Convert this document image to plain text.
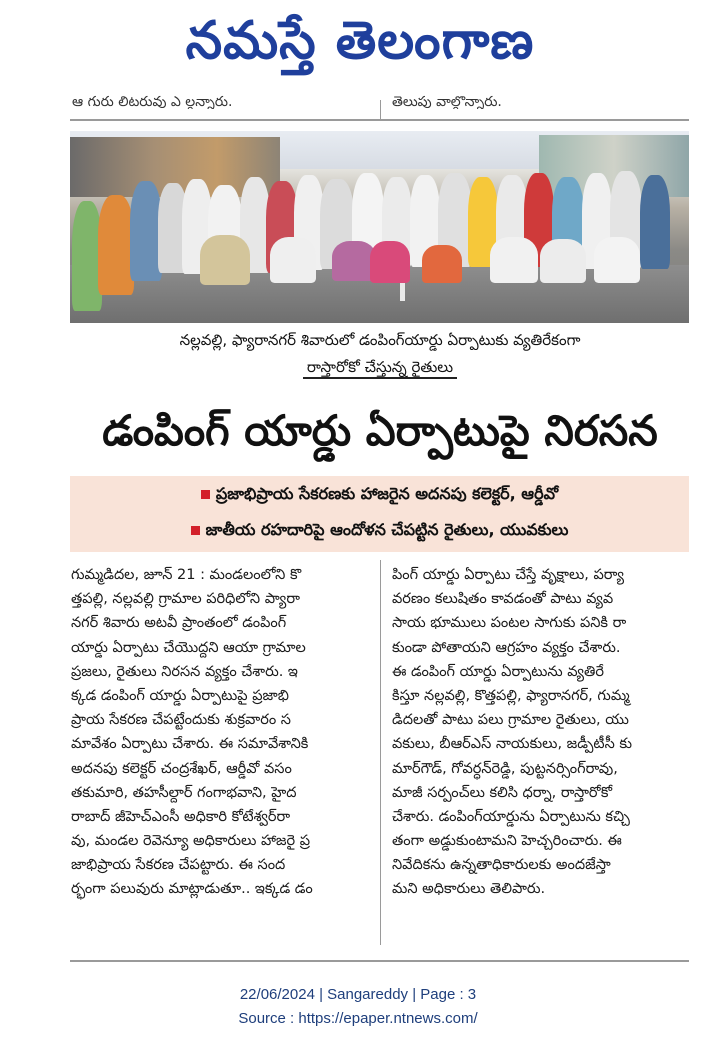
నమస్తే తెలంగాణ
ఆ గురు లిటరువు ఎ ల్గన్నారు.	తెలుపు వాల్గొన్నారు.
నల్లవల్లి, ఫ్యారానగర్ శివారులో డంపింగ్‌యార్డు ఏర్పాటుకు వ్యతిరేకంగా
రాస్తారోకో చేస్తున్న రైతులు
డంపింగ్ యార్డు ఏర్పాటుపై నిరసన
ప్రజాభిప్రాయ సేకరణకు హాజరైన అదనపు కలెక్టర్, ఆర్డీవో
జాతీయ రహదారిపై ఆందోళన చేపట్టిన రైతులు, యువకులు
గుమ్మడిదల, జూన్ 21 : మండలంలోని కొ
త్తపల్లి, నల్లవల్లి గ్రామాల పరిధిలోని ప్యారా
నగర్ శివారు అటవీ ప్రాంతంలో డంపింగ్
యార్డు ఏర్పాటు చేయొద్దని ఆయా గ్రామాల
ప్రజలు, రైతులు నిరసన వ్యక్తం చేశారు. ఇ
క్కడ డంపింగ్ యార్డు ఏర్పాటుపై ప్రజాభి
ప్రాయ సేకరణ చేపట్టేందుకు శుక్రవారం స
మావేశం ఏర్పాటు చేశారు. ఈ సమావేశానికి
అదనపు కలెక్టర్ చంద్రశేఖర్, ఆర్డీవో వసం
తకుమారి, తహసీల్దార్ గంగాభవాని, హైద
రాబాద్ జీహెచ్ఎంసీ అధికారి కోటేశ్వర్‌రా
వు, మండల రెవెన్యూ అధికారులు హాజరై ప్ర
జాభిప్రాయ సేకరణ చేపట్టారు. ఈ సంద
ర్భంగా పలువురు మాట్లాడుతూ.. ఇక్కడ డం
పింగ్ యార్డు ఏర్పాటు చేస్తే వృక్షాలు, పర్యా
వరణం కలుషితం కావడంతో పాటు వ్యవ
సాయ భూములు పంటల సాగుకు పనికి రా
కుండా పోతాయని ఆగ్రహం వ్యక్తం చేశారు.
ఈ డంపింగ్ యార్డు ఏర్పాటును వ్యతిరే
కిస్తూ నల్లవల్లి, కొత్తపల్లి, ఫ్యారానగర్, గుమ్మ
డిదలతో పాటు పలు గ్రామాల రైతులు, యు
వకులు, బీఆర్ఎస్ నాయకులు, జడ్పీటీసీ కు
మార్‌గౌడ్, గోవర్ధన్‌రెడ్డి, పుట్టనర్సింగ్‌రావు,
మాజీ సర్పంచ్‌లు కలిసి ధర్నా, రాస్తారోకో
చేశారు. డంపింగ్‌యార్డును ఏర్పాటును కచ్చి
తంగా అడ్డుకుంటామని హెచ్చరించారు. ఈ
నివేదికను ఉన్నతాధికారులకు అందజేస్తా
మని అధికారులు తెలిపారు.
22/06/2024 | Sangareddy | Page : 3
Source : https://epaper.ntnews.com/
